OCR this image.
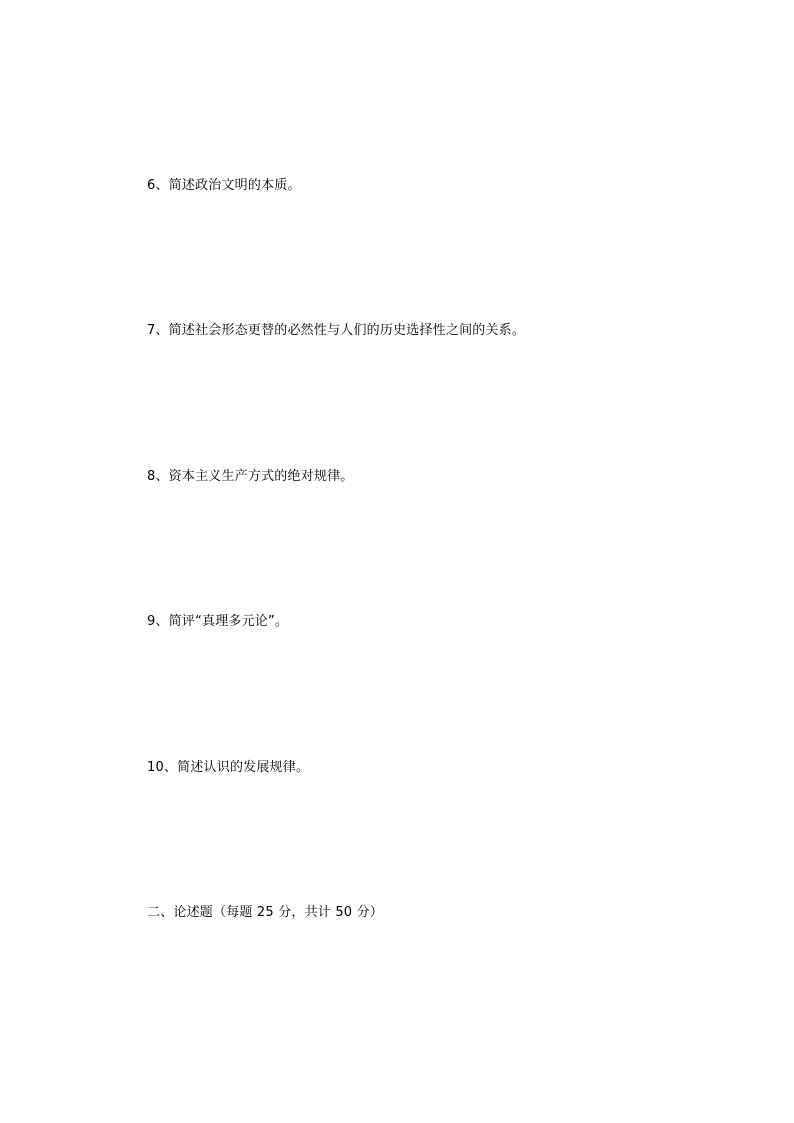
6、简述政治文明的本质。
7、简述社会形态更替的必然性与人们的历史选择性之间的关系。
8、资本主义生产方式的绝对规律。
9、简评“真理多元论”。
10、简述认识的发展规律。
二、论述题（每题 25 分，共计 50 分）
